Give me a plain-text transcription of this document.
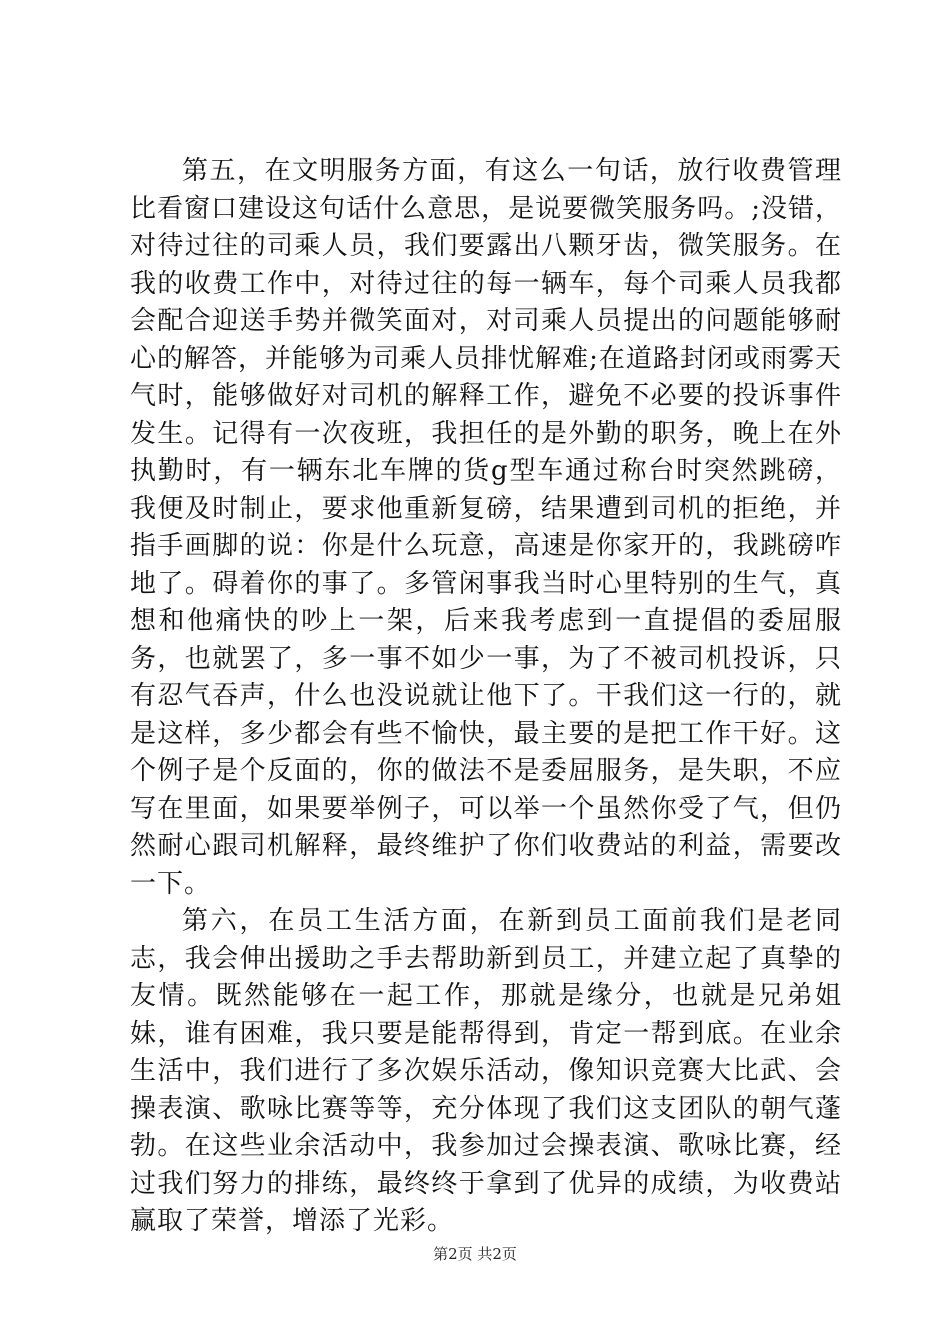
第五，在文明服务方面，有这么一句话，放行收费管理比看窗口建设这句话什么意思，是说要微笑服务吗。;没错，对待过往的司乘人员，我们要露出八颗牙齿，微笑服务。在我的收费工作中，对待过往的每一辆车，每个司乘人员我都会配合迎送手势并微笑面对，对司乘人员提出的问题能够耐心的解答，并能够为司乘人员排忧解难;在道路封闭或雨雾天气时，能够做好对司机的解释工作，避免不必要的投诉事件发生。记得有一次夜班，我担任的是外勤的职务，晚上在外执勤时，有一辆东北车牌的货g型车通过称台时突然跳磅，我便及时制止，要求他重新复磅，结果遭到司机的拒绝，并指手画脚的说：你是什么玩意，高速是你家开的，我跳磅咋地了。碍着你的事了。多管闲事我当时心里特别的生气，真想和他痛快的吵上一架，后来我考虑到一直提倡的委屈服务，也就罢了，多一事不如少一事，为了不被司机投诉，只有忍气吞声，什么也没说就让他下了。干我们这一行的，就是这样，多少都会有些不愉快，最主要的是把工作干好。这个例子是个反面的，你的做法不是委屈服务，是失职，不应写在里面，如果要举例子，可以举一个虽然你受了气，但仍然耐心跟司机解释，最终维护了你们收费站的利益，需要改一下。

第六，在员工生活方面，在新到员工面前我们是老同志，我会伸出援助之手去帮助新到员工，并建立起了真挚的友情。既然能够在一起工作，那就是缘分，也就是兄弟姐妹，谁有困难，我只要是能帮得到，肯定一帮到底。在业余生活中，我们进行了多次娱乐活动，像知识竞赛大比武、会操表演、歌咏比赛等等，充分体现了我们这支团队的朝气蓬勃。在这些业余活动中，我参加过会操表演、歌咏比赛，经过我们努力的排练，最终终于拿到了优异的成绩，为收费站赢取了荣誉，增添了光彩。

第2页 共2页
